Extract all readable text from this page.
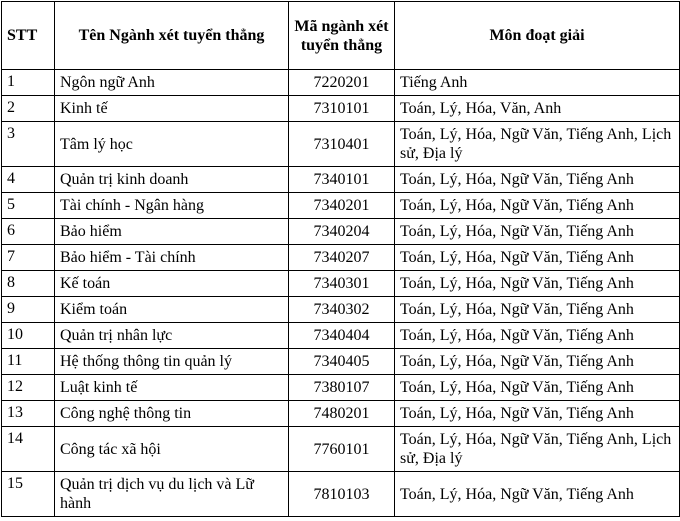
STT	Tên Ngành xét tuyển thẳng	Mã ngành xét tuyển thẳng	Môn đoạt giải
1	Ngôn ngữ Anh	7220201	Tiếng Anh
2	Kinh tế	7310101	Toán, Lý, Hóa, Văn, Anh
3	Tâm lý học	7310401	Toán, Lý, Hóa, Ngữ Văn, Tiếng Anh, Lịch sử, Địa lý
4	Quản trị kinh doanh	7340101	Toán, Lý, Hóa, Ngữ Văn, Tiếng Anh
5	Tài chính - Ngân hàng	7340201	Toán, Lý, Hóa, Ngữ Văn, Tiếng Anh
6	Bảo hiểm	7340204	Toán, Lý, Hóa, Ngữ Văn, Tiếng Anh
7	Bảo hiểm - Tài chính	7340207	Toán, Lý, Hóa, Ngữ Văn, Tiếng Anh
8	Kế toán	7340301	Toán, Lý, Hóa, Ngữ Văn, Tiếng Anh
9	Kiểm toán	7340302	Toán, Lý, Hóa, Ngữ Văn, Tiếng Anh
10	Quản trị nhân lực	7340404	Toán, Lý, Hóa, Ngữ Văn, Tiếng Anh
11	Hệ thống thông tin quản lý	7340405	Toán, Lý, Hóa, Ngữ Văn, Tiếng Anh
12	Luật kinh tế	7380107	Toán, Lý, Hóa, Ngữ Văn, Tiếng Anh
13	Công nghệ thông tin	7480201	Toán, Lý, Hóa, Ngữ Văn, Tiếng Anh
14	Công tác xã hội	7760101	Toán, Lý, Hóa, Ngữ Văn, Tiếng Anh, Lịch sử, Địa lý
15	Quản trị dịch vụ du lịch và Lữ hành	7810103	Toán, Lý, Hóa, Ngữ Văn, Tiếng Anh
